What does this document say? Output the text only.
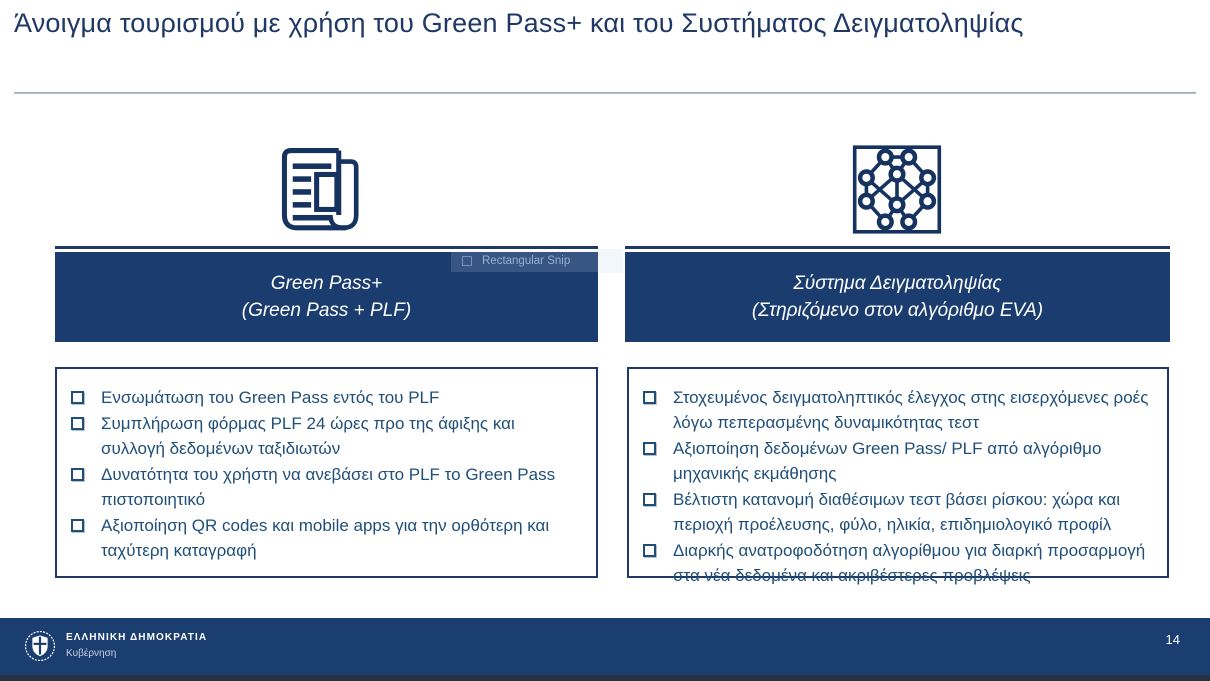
Άνοιγμα τουρισμού με χρήση του Green Pass+ και του Συστήματος Δειγματοληψίας
Green Pass+
(Green Pass + PLF)
Σύστημα Δειγματοληψίας
(Στηριζόμενο στον αλγόριθμο EVA)
Rectangular Snip
Ενσωμάτωση του Green Pass εντός του PLF
Συμπλήρωση φόρμας PLF 24 ώρες προ της άφιξης και συλλογή δεδομένων ταξιδιωτών
Δυνατότητα του χρήστη να ανεβάσει στο PLF το Green Pass πιστοποιητικό
Αξιοποίηση QR codes και mobile apps για την ορθότερη και ταχύτερη καταγραφή
Στοχευμένος δειγματοληπτικός έλεγχος στης εισερχόμενες ροές λόγω πεπερασμένης δυναμικότητας τεστ
Αξιοποίηση δεδομένων Green Pass/ PLF από αλγόριθμο μηχανικής εκμάθησης
Βέλτιστη κατανομή διαθέσιμων τεστ βάσει ρίσκου: χώρα και περιοχή προέλευσης, φύλο, ηλικία, επιδημιολογικό προφίλ
Διαρκής ανατροφοδότηση αλγορίθμου για διαρκή προσαρμογή στα νέα δεδομένα και ακριβέστερες προβλέψεις
ΕΛΛΗΝΙΚΗ ΔΗΜΟΚΡΑΤΙΑ
Κυβέρνηση
14
